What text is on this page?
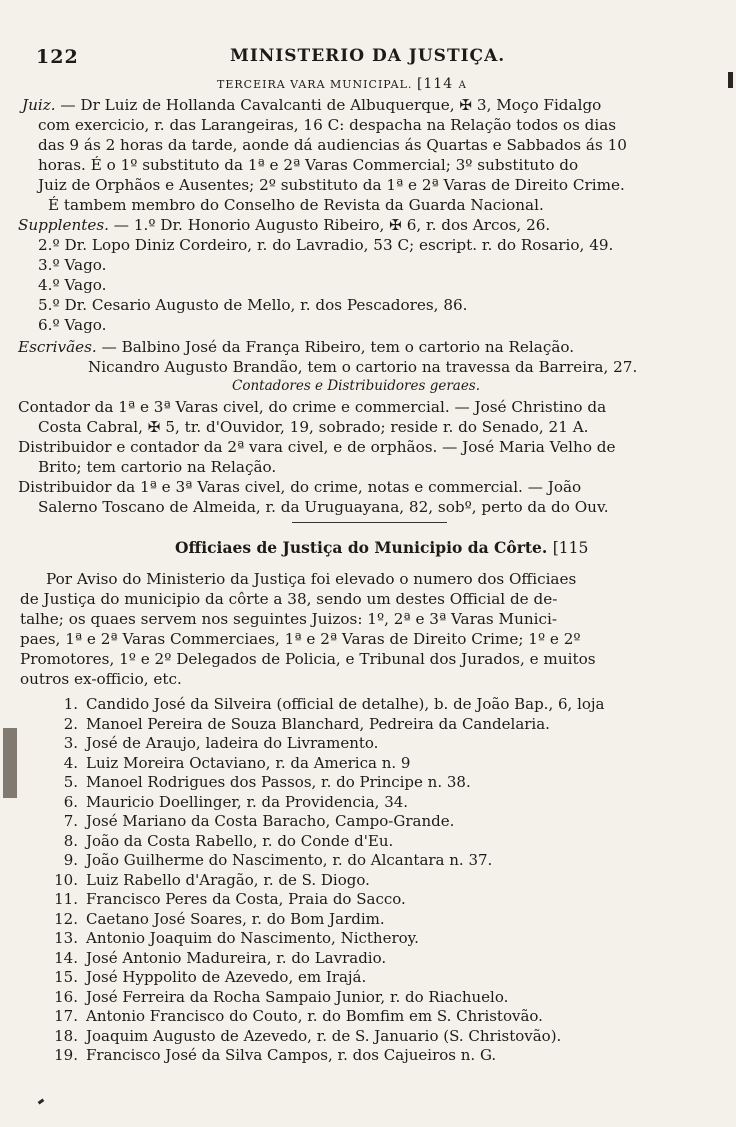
122	MINISTERIO DA JUSTIÇA.
TERCEIRA VARA MUNICIPAL. [114 a
Juiz. — Dr Luiz de Hollanda Cavalcanti de Albuquerque, ✠ 3, Moço Fidalgo
com exercicio, r. das Larangeiras, 16 C: despacha na Relação todos os dias
das 9 ás 2 horas da tarde, aonde dá audiencias ás Quartas e Sabbados ás 10
horas. É o 1º substituto da 1ª e 2ª Varas Commercial; 3º substituto do
Juiz de Orphãos e Ausentes; 2º substituto da 1ª e 2ª Varas de Direito Crime.
É tambem membro do Conselho de Revista da Guarda Nacional.
Supplentes. — 1.º Dr. Honorio Augusto Ribeiro, ✠ 6, r. dos Arcos, 26.
2.º Dr. Lopo Diniz Cordeiro, r. do Lavradio, 53 C; escript. r. do Rosario, 49.
3.º Vago.
4.º Vago.
5.º Dr. Cesario Augusto de Mello, r. dos Pescadores, 86.
6.º Vago.
Escrivães. — Balbino José da França Ribeiro, tem o cartorio na Relação.
Nicandro Augusto Brandão, tem o cartorio na travessa da Barreira, 27.
Contadores e Distribuidores geraes.
Contador da 1ª e 3ª Varas civel, do crime e commercial. — José Christino da
Costa Cabral, ✠ 5, tr. d'Ouvidor, 19, sobrado; reside r. do Senado, 21 A.
Distribuidor e contador da 2ª vara civel, e de orphãos. — José Maria Velho de
Brito; tem cartorio na Relação.
Distribuidor da 1ª e 3ª Varas civel, do crime, notas e commercial. — João
Salerno Toscano de Almeida, r. da Uruguayana, 82, sobº, perto da do Ouv.
Officiaes de Justiça do Municipio da Côrte. [115
Por Aviso do Ministerio da Justiça foi elevado o numero dos Officiaes
de Justiça do municipio da côrte a 38, sendo um destes Official de de-
talhe; os quaes servem nos seguintes Juizos: 1º, 2ª e 3ª Varas Munici-
paes, 1ª e 2ª Varas Commerciaes, 1ª e 2ª Varas de Direito Crime; 1º e 2º
Promotores, 1º e 2º Delegados de Policia, e Tribunal dos Jurados, e muitos
outros ex-officio, etc.
1. Candido José da Silveira (official de detalhe), b. de João Bap., 6, loja
2. Manoel Pereira de Souza Blanchard, Pedreira da Candelaria.
3. José de Araujo, ladeira do Livramento.
4. Luiz Moreira Octaviano, r. da America n. 9
5. Manoel Rodrigues dos Passos, r. do Principe n. 38.
6. Mauricio Doellinger, r. da Providencia, 34.
7. José Mariano da Costa Baracho, Campo-Grande.
8. João da Costa Rabello, r. do Conde d'Eu.
9. João Guilherme do Nascimento, r. do Alcantara n. 37.
10. Luiz Rabello d'Aragão, r. de S. Diogo.
11. Francisco Peres da Costa, Praia do Sacco.
12. Caetano José Soares, r. do Bom Jardim.
13. Antonio Joaquim do Nascimento, Nictheroy.
14. José Antonio Madureira, r. do Lavradio.
15. José Hyppolito de Azevedo, em Irajá.
16. José Ferreira da Rocha Sampaio Junior, r. do Riachuelo.
17. Antonio Francisco do Couto, r. do Bomfim em S. Christovão.
18. Joaquim Augusto de Azevedo, r. de S. Januario (S. Christovão).
19. Francisco José da Silva Campos, r. dos Cajueiros n. G.
